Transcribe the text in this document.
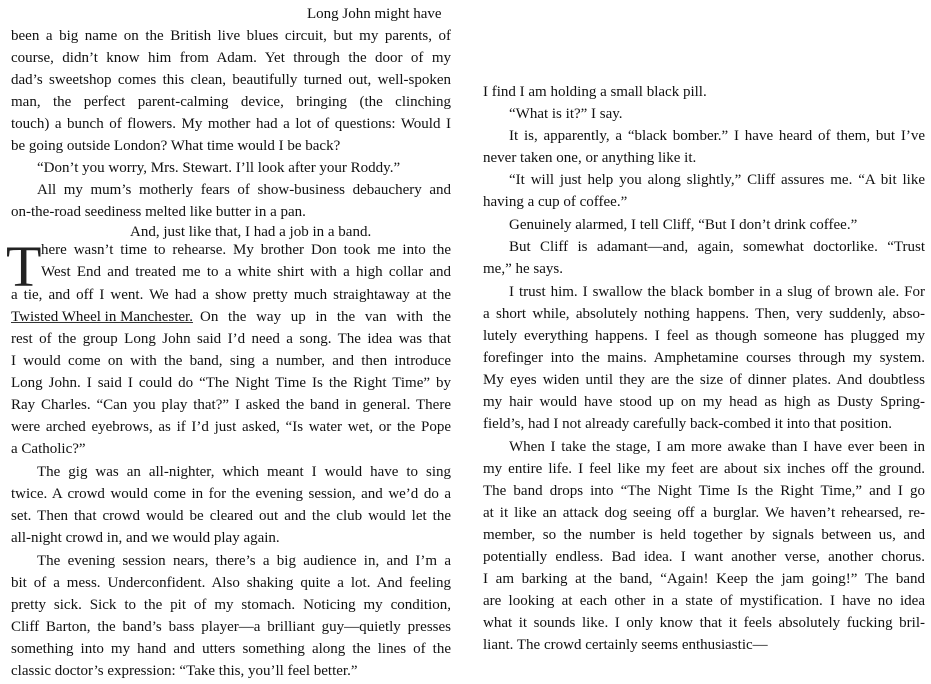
Long John might have
been a big name on the British live blues circuit, but my parents, of
course, didn’t know him from Adam. Yet through the door of my
dad’s sweetshop comes this clean, beautifully turned out, well-spoken
man, the perfect parent-calming device, bringing (the clinching
touch) a bunch of flowers. My mother had a lot of questions: Would I
be going outside London? What time would I be back?
“Don’t you worry, Mrs. Stewart. I’ll look after your Roddy.”
All my mum’s motherly fears of show-business debauchery and
on-the-road seediness melted like butter in a pan.
And, just like that, I had a job in a band.
T here wasn’t time to rehearse. My brother Don took me into the
West End and treated me to a white shirt with a high collar and
a tie, and off I went. We had a show pretty much straightaway at the
Twisted Wheel in Manchester. On the way up in the van with the
rest of the group Long John said I’d need a song. The idea was that
I would come on with the band, sing a number, and then introduce
Long John. I said I could do “The Night Time Is the Right Time” by
Ray Charles. “Can you play that?” I asked the band in general. There
were arched eyebrows, as if I’d just asked, “Is water wet, or the Pope
a Catholic?”
The gig was an all-nighter, which meant I would have to sing
twice. A crowd would come in for the evening session, and we’d do a
set. Then that crowd would be cleared out and the club would let the
all-night crowd in, and we would play again.
The evening session nears, there’s a big audience in, and I’m a
bit of a mess. Underconfident. Also shaking quite a lot. And feeling
pretty sick. Sick to the pit of my stomach. Noticing my condition,
Cliff Barton, the band’s bass player—a brilliant guy—quietly presses
something into my hand and utters something along the lines of the
classic doctor’s expression: “Take this, you’ll feel better.”
I find I am holding a small black pill.
“What is it?” I say.
It is, apparently, a “black bomber.” I have heard of them, but I’ve
never taken one, or anything like it.
“It will just help you along slightly,” Cliff assures me. “A bit like
having a cup of coffee.”
Genuinely alarmed, I tell Cliff, “But I don’t drink coffee.”
But Cliff is adamant—and, again, somewhat doctorlike. “Trust
me,” he says.
I trust him. I swallow the black bomber in a slug of brown ale. For
a short while, absolutely nothing happens. Then, very suddenly, abso-
lutely everything happens. I feel as though someone has plugged my
forefinger into the mains. Amphetamine courses through my system.
My eyes widen until they are the size of dinner plates. And doubtless
my hair would have stood up on my head as high as Dusty Spring-
field’s, had I not already carefully back-combed it into that position.
When I take the stage, I am more awake than I have ever been in
my entire life. I feel like my feet are about six inches off the ground.
The band drops into “The Night Time Is the Right Time,” and I go
at it like an attack dog seeing off a burglar. We haven’t rehearsed, re-
member, so the number is held together by signals between us, and
potentially endless. Bad idea. I want another verse, another chorus.
I am barking at the band, “Again! Keep the jam going!” The band
are looking at each other in a state of mystification. I have no idea
what it sounds like. I only know that it feels absolutely fucking bril-
liant. The crowd certainly seems enthusiastic—
